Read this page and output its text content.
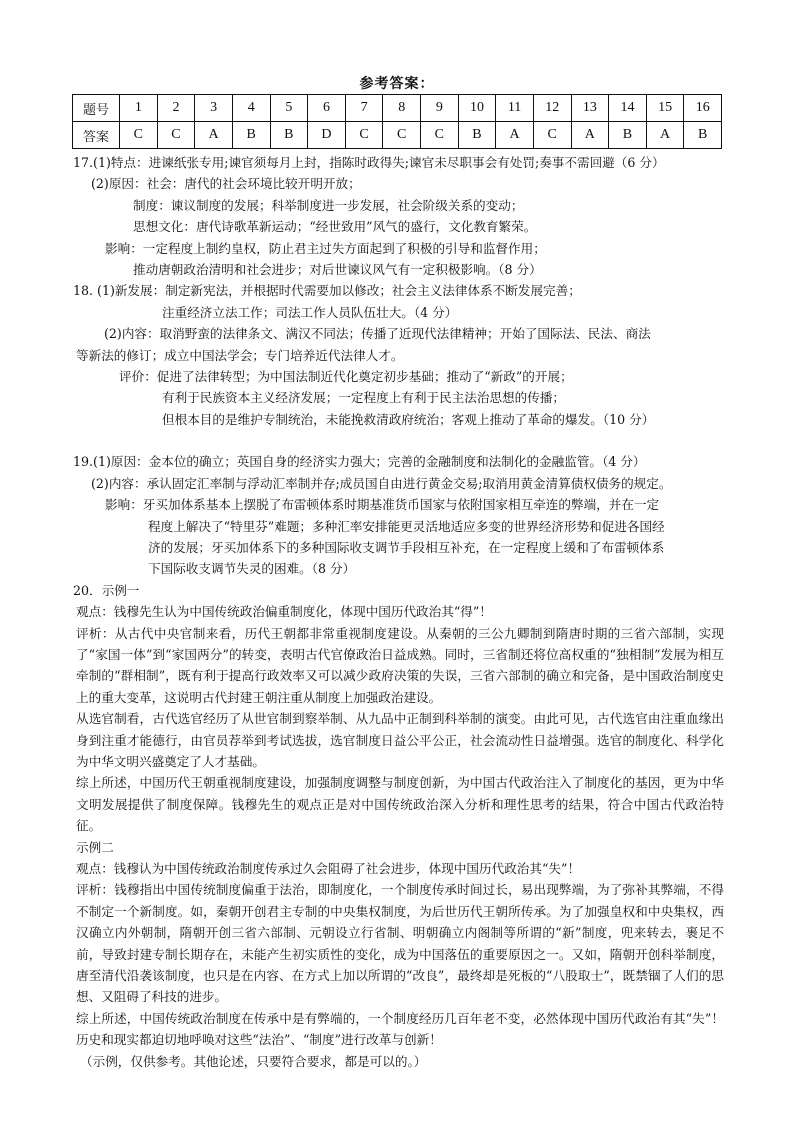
参考答案：
题号	1	2	3	4	5	6	7	8	9	10	11	12	13	14	15	16
答案	C	C	A	B	B	D	C	C	C	B	A	C	A	B	A	B
17.(1)特点：进谏纸张专用;谏官须每月上封，指陈时政得失;谏官未尽职事会有处罚;奏事不需回避（6 分）
(2)原因：社会：唐代的社会环境比较开明开放；
制度：谏议制度的发展；科举制度进一步发展，社会阶级关系的变动；
思想文化：唐代诗歌革新运动；“经世致用”风气的盛行，文化教育繁荣。
影响：一定程度上制约皇权，防止君主过失方面起到了积极的引导和监督作用；
推动唐朝政治清明和社会进步；对后世谏议风气有一定积极影响。（8 分）
18. (1)新发展：制定新宪法，并根据时代需要加以修改；社会主义法律体系不断发展完善；
注重经济立法工作；司法工作人员队伍壮大。（4 分）
(2)内容：取消野蛮的法律条文、满汉不同法；传播了近现代法律精神；开始了国际法、民法、商法
等新法的修订；成立中国法学会；专门培养近代法律人才。
评价：促进了法律转型；为中国法制近代化奠定初步基础；推动了“新政”的开展；
有利于民族资本主义经济发展；一定程度上有利于民主法治思想的传播；
但根本目的是维护专制统治，未能挽救清政府统治；客观上推动了革命的爆发。（10 分）
19.(1)原因：金本位的确立；英国自身的经济实力强大；完善的金融制度和法制化的金融监管。（4 分）
(2)内容：承认固定汇率制与浮动汇率制并存;成员国自由进行黄金交易;取消用黄金清算债权债务的规定。
影响：牙买加体系基本上摆脱了布雷顿体系时期基准货币国家与依附国家相互牵连的弊端，并在一定
程度上解决了“特里芬”难题；多种汇率安排能更灵活地适应多变的世界经济形势和促进各国经
济的发展；牙买加体系下的多种国际收支调节手段相互补充，在一定程度上缓和了布雷顿体系
下国际收支调节失灵的困难。（8 分）
20．示例一
观点：钱穆先生认为中国传统政治偏重制度化，体现中国历代政治其“得”！
评析：从古代中央官制来看，历代王朝都非常重视制度建设。从秦朝的三公九卿制到隋唐时期的三省六部制，实现了“家国一体”到“家国两分”的转变，表明古代官僚政治日益成熟。同时，三省制还将位高权重的“独相制”发展为相互牵制的“群相制”，既有利于提高行政效率又可以减少政府决策的失误，三省六部制的确立和完备，是中国政治制度史上的重大变革，这说明古代封建王朝注重从制度上加强政治建设。
从选官制看，古代选官经历了从世官制到察举制、从九品中正制到科举制的演变。由此可见，古代选官由注重血缘出身到注重才能德行，由官员荐举到考试选拔，选官制度日益公平公正，社会流动性日益增强。选官的制度化、科学化为中华文明兴盛奠定了人才基础。
综上所述，中国历代王朝重视制度建设，加强制度调整与制度创新，为中国古代政治注入了制度化的基因，更为中华文明发展提供了制度保障。钱穆先生的观点正是对中国传统政治深入分析和理性思考的结果，符合中国古代政治特征。
示例二
观点：钱穆认为中国传统政治制度传承过久会阻碍了社会进步，体现中国历代政治其“失”！
评析：钱穆指出中国传统制度偏重于法治，即制度化，一个制度传承时间过长，易出现弊端，为了弥补其弊端，不得不制定一个新制度。如，秦朝开创君主专制的中央集权制度，为后世历代王朝所传承。为了加强皇权和中央集权，西汉确立内外朝制，隋朝开创三省六部制、元朝设立行省制、明朝确立内阁制等所谓的“新”制度，兜来转去，裹足不前，导致封建专制长期存在，未能产生初实质性的变化，成为中国落伍的重要原因之一。又如，隋朝开创科举制度，唐至清代沿袭该制度，也只是在内容、在方式上加以所谓的“改良”，最终却是死板的“八股取士”，既禁锢了人们的思想、又阻碍了科技的进步。
综上所述，中国传统政治制度在传承中是有弊端的，一个制度经历几百年老不变，必然体现中国历代政治有其“失”！历史和现实都迫切地呼唤对这些“法治”、“制度”进行改革与创新！
（示例，仅供参考。其他论述，只要符合要求，都是可以的。）
